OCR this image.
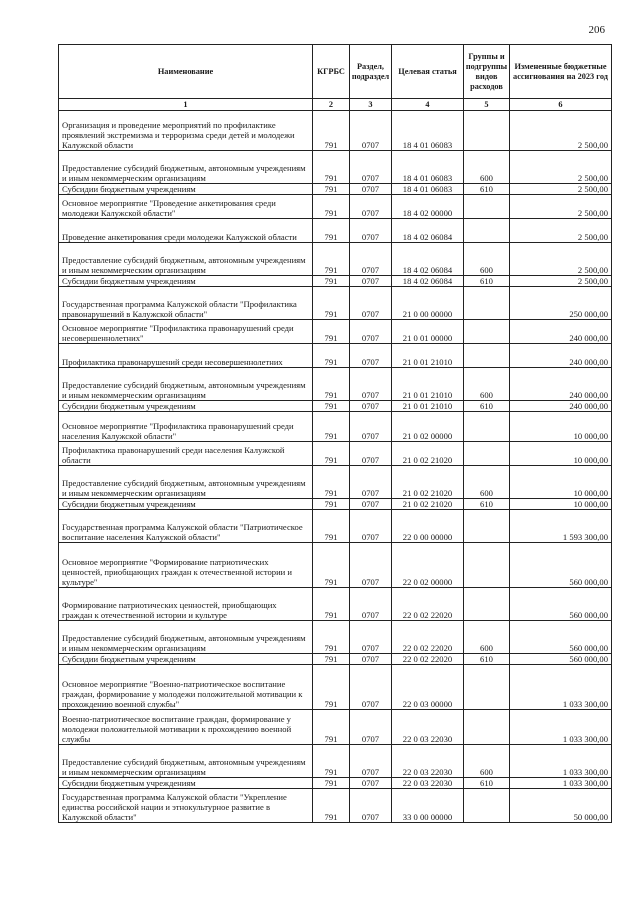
206
Наименование	КГРБС	Раздел, подраздел	Целевая статья	Группы и подгруппы видов расходов	Измененные бюджетные ассигнования на 2023 год
1	2	3	4	5	6
Организация и проведение мероприятий по профилактике проявлений экстремизма и терроризма среди детей и молодежи Калужской области	791	0707	18 4 01 06083		2 500,00
Предоставление субсидий бюджетным, автономным учреждениям и иным некоммерческим организациям	791	0707	18 4 01 06083	600	2 500,00
Субсидии бюджетным учреждениям	791	0707	18 4 01 06083	610	2 500,00
Основное мероприятие "Проведение анкетирования среди молодежи Калужской области"	791	0707	18 4 02 00000		2 500,00
Проведение анкетирования среди молодежи Калужской области	791	0707	18 4 02 06084		2 500,00
Предоставление субсидий бюджетным, автономным учреждениям и иным некоммерческим организациям	791	0707	18 4 02 06084	600	2 500,00
Субсидии бюджетным учреждениям	791	0707	18 4 02 06084	610	2 500,00
Государственная программа Калужской области "Профилактика правонарушений в Калужской области"	791	0707	21 0 00 00000		250 000,00
Основное мероприятие "Профилактика правонарушений среди несовершеннолетних"	791	0707	21 0 01 00000		240 000,00
Профилактика правонарушений среди несовершеннолетних	791	0707	21 0 01 21010		240 000,00
Предоставление субсидий бюджетным, автономным учреждениям и иным некоммерческим организациям	791	0707	21 0 01 21010	600	240 000,00
Субсидии бюджетным учреждениям	791	0707	21 0 01 21010	610	240 000,00
Основное мероприятие "Профилактика правонарушений среди населения Калужской области"	791	0707	21 0 02 00000		10 000,00
Профилактика правонарушений среди населения Калужской области	791	0707	21 0 02 21020		10 000,00
Предоставление субсидий бюджетным, автономным учреждениям и иным некоммерческим организациям	791	0707	21 0 02 21020	600	10 000,00
Субсидии бюджетным учреждениям	791	0707	21 0 02 21020	610	10 000,00
Государственная программа Калужской области "Патриотическое воспитание населения Калужской области"	791	0707	22 0 00 00000		1 593 300,00
Основное мероприятие "Формирование патриотических ценностей, приобщающих граждан к отечественной истории и культуре"	791	0707	22 0 02 00000		560 000,00
Формирование патриотических ценностей, приобщающих граждан к отечественной истории и культуре	791	0707	22 0 02 22020		560 000,00
Предоставление субсидий бюджетным, автономным учреждениям и иным некоммерческим организациям	791	0707	22 0 02 22020	600	560 000,00
Субсидии бюджетным учреждениям	791	0707	22 0 02 22020	610	560 000,00
Основное мероприятие "Военно-патриотическое воспитание граждан, формирование у молодежи положительной мотивации к прохождению военной службы"	791	0707	22 0 03 00000		1 033 300,00
Военно-патриотическое воспитание граждан, формирование у молодежи положительной мотивации к прохождению военной службы	791	0707	22 0 03 22030		1 033 300,00
Предоставление субсидий бюджетным, автономным учреждениям и иным некоммерческим организациям	791	0707	22 0 03 22030	600	1 033 300,00
Субсидии бюджетным учреждениям	791	0707	22 0 03 22030	610	1 033 300,00
Государственная программа Калужской области "Укрепление единства российской нации и этнокультурное развитие в Калужской области"	791	0707	33 0 00 00000		50 000,00
